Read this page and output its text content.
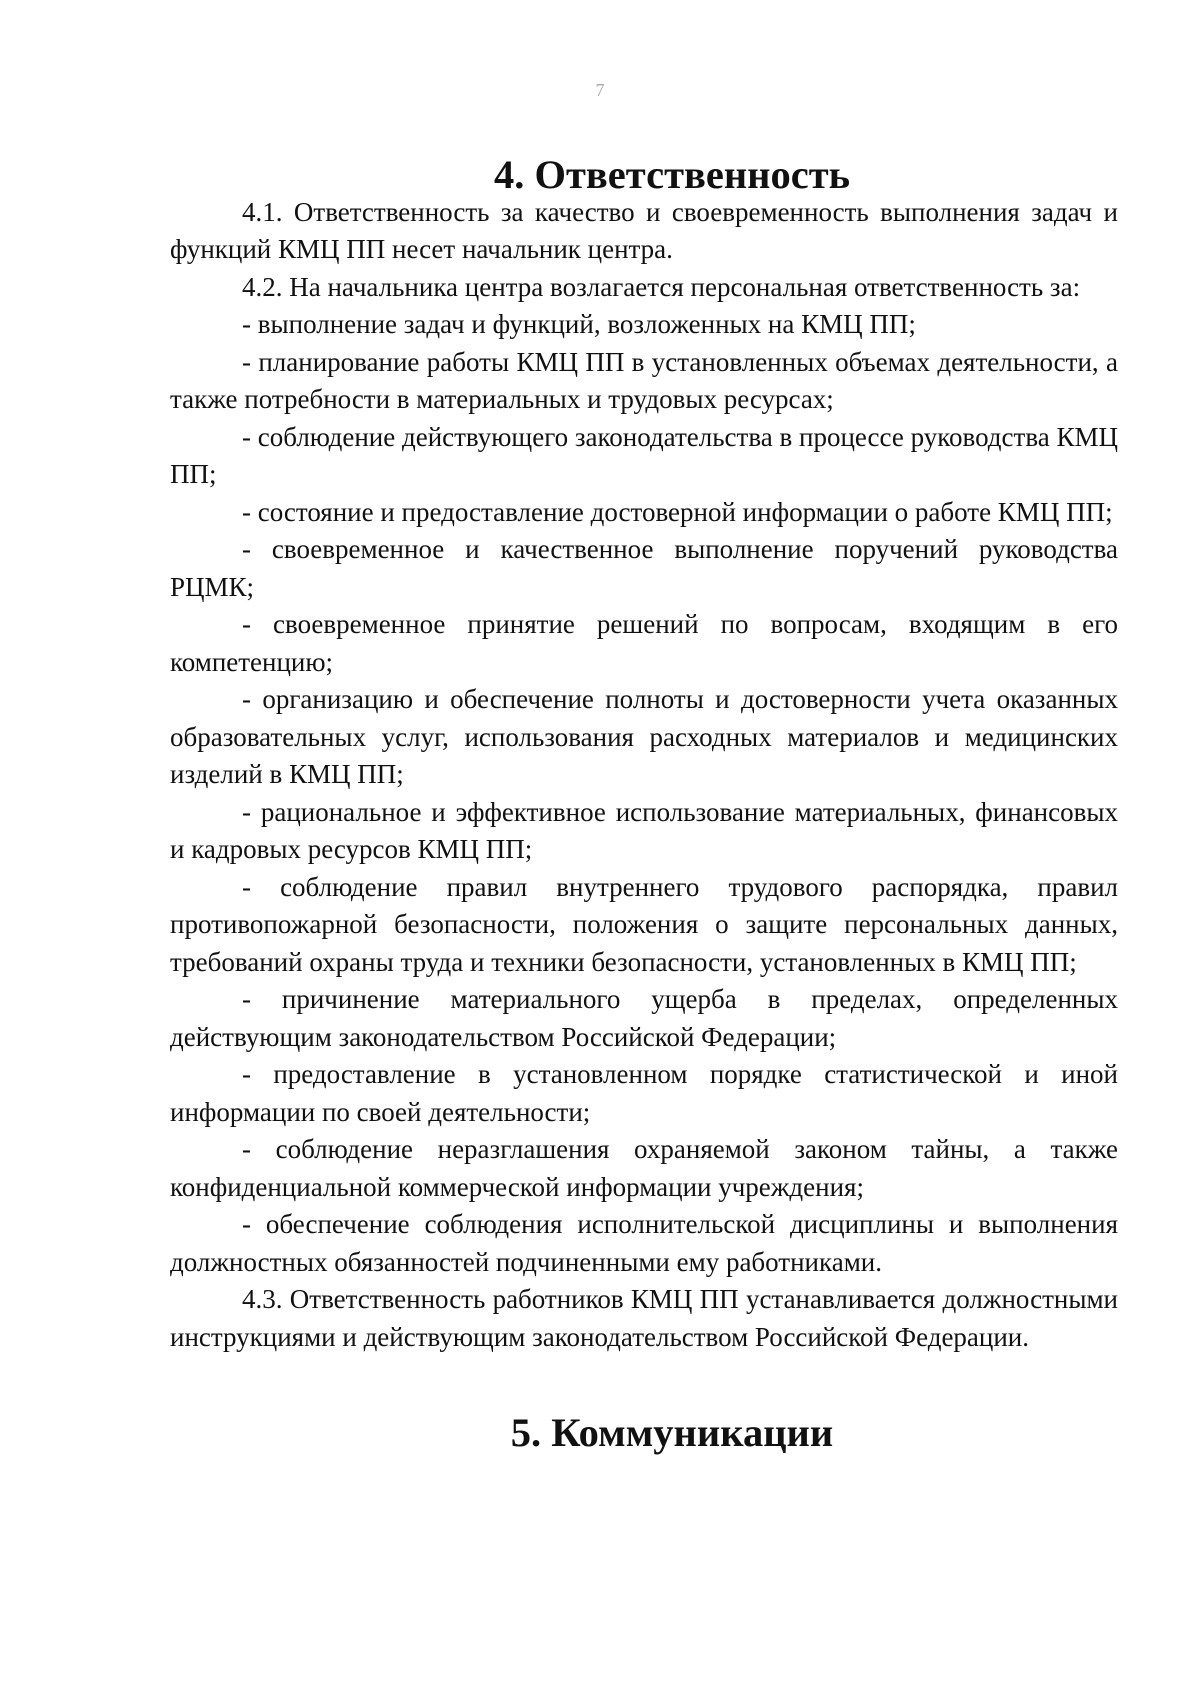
7
4. Ответственность

4.1. Ответственность за качество и своевременность выполнения задач и функций КМЦ ПП несет начальник центра.

4.2. На начальника центра возлагается персональная ответственность за:

- выполнение задач и функций, возложенных на КМЦ ПП;

- планирование работы КМЦ ПП в установленных объемах деятельности, а также потребности в материальных и трудовых ресурсах;

- соблюдение действующего законодательства в процессе руководства КМЦ ПП;

- состояние и предоставление достоверной информации о работе КМЦ ПП;

- своевременное и качественное выполнение поручений руководства РЦМК;

- своевременное принятие решений по вопросам, входящим в его компетенцию;

- организацию и обеспечение полноты и достоверности учета оказанных образовательных услуг, использования расходных материалов и медицинских изделий в КМЦ ПП;

- рациональное и эффективное использование материальных, финансовых и кадровых ресурсов КМЦ ПП;

- соблюдение правил внутреннего трудового распорядка, правил противопожарной безопасности, положения о защите персональных данных, требований охраны труда и техники безопасности, установленных в КМЦ ПП;

- причинение материального ущерба в пределах, определенных действующим законодательством Российской Федерации;

- предоставление в установленном порядке статистической и иной информации по своей деятельности;

- соблюдение неразглашения охраняемой законом тайны, а также конфиденциальной коммерческой информации учреждения;

- обеспечение соблюдения исполнительской дисциплины и выполнения должностных обязанностей подчиненными ему работниками.

4.3. Ответственность работников КМЦ ПП устанавливается должностными инструкциями и действующим законодательством Российской Федерации.

5. Коммуникации
